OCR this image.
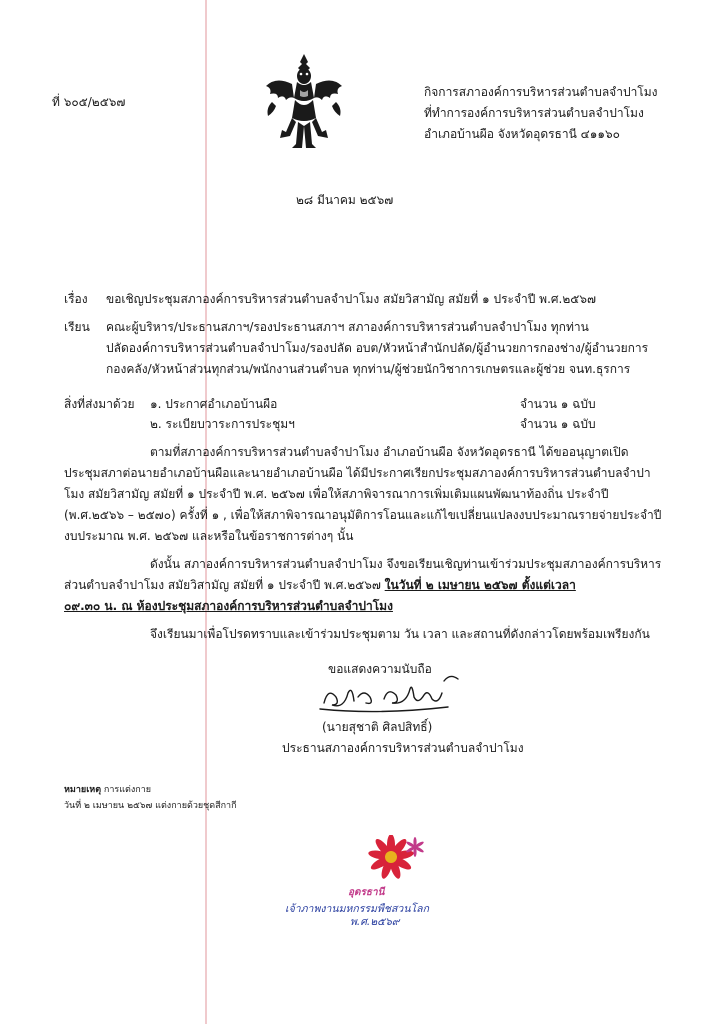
ที่ ๖๐๕/๒๕๖๗
กิจการสภาองค์การบริหารส่วนตำบลจำปาโมง
ที่ทำการองค์การบริหารส่วนตำบลจำปาโมง
อำเภอบ้านผือ จังหวัดอุดรธานี ๔๑๑๖๐
๒๘ มีนาคม ๒๕๖๗
เรื่อง ขอเชิญประชุมสภาองค์การบริหารส่วนตำบลจำปาโมง สมัยวิสามัญ สมัยที่ ๑ ประจำปี พ.ศ.๒๕๖๗
เรียน คณะผู้บริหาร/ประธานสภาฯ/รองประธานสภาฯ สภาองค์การบริหารส่วนตำบลจำปาโมง ทุกท่าน
ปลัดองค์การบริหารส่วนตำบลจำปาโมง/รองปลัด อบต/หัวหน้าสำนักปลัด/ผู้อำนวยการกองช่าง/ผู้อำนวยการ
กองคลัง/หัวหน้าส่วนทุกส่วน/พนักงานส่วนตำบล ทุกท่าน/ผู้ช่วยนักวิชาการเกษตรและผู้ช่วย จนท.ธุรการ
สิ่งที่ส่งมาด้วย ๑. ประกาศอำเภอบ้านผือ	จำนวน ๑ ฉบับ
๒. ระเบียบวาระการประชุมฯ	จำนวน ๑ ฉบับ
ตามที่สภาองค์การบริหารส่วนตำบลจำปาโมง อำเภอบ้านผือ จังหวัดอุดรธานี ได้ขออนุญาตเปิด
ประชุมสภาต่อนายอำเภอบ้านผือและนายอำเภอบ้านผือ ได้มีประกาศเรียกประชุมสภาองค์การบริหารส่วนตำบลจำปา
โมง สมัยวิสามัญ สมัยที่ ๑ ประจำปี พ.ศ. ๒๕๖๗ เพื่อให้สภาพิจารณาการเพิ่มเติมแผนพัฒนาท้องถิ่น ประจำปี
(พ.ศ.๒๕๖๖ – ๒๕๗๐) ครั้งที่ ๑ , เพื่อให้สภาพิจารณาอนุมัติการโอนและแก้ไขเปลี่ยนแปลงงบประมาณรายจ่ายประจำปี
งบประมาณ พ.ศ. ๒๕๖๗ และหรือในข้อราชการต่างๆ นั้น
ดังนั้น สภาองค์การบริหารส่วนตำบลจำปาโมง จึงขอเรียนเชิญท่านเข้าร่วมประชุมสภาองค์การบริหาร
ส่วนตำบลจำปาโมง สมัยวิสามัญ สมัยที่ ๑ ประจำปี พ.ศ.๒๕๖๗ ในวันที่ ๒ เมษายน ๒๕๖๗ ตั้งแต่เวลา
๐๙.๓๐ น. ณ ห้องประชุมสภาองค์การบริหารส่วนตำบลจำปาโมง
จึงเรียนมาเพื่อโปรดทราบและเข้าร่วมประชุมตาม วัน เวลา และสถานที่ดังกล่าวโดยพร้อมเพรียงกัน
ขอแสดงความนับถือ
(นายสุชาติ ศิลปสิทธิ์)
ประธานสภาองค์การบริหารส่วนตำบลจำปาโมง
หมายเหตุ การแต่งกาย
วันที่ ๒ เมษายน ๒๕๖๗ แต่งกายด้วยชุดสีกากี
อุดรธานี
เจ้าภาพงานมหกรรมพืชสวนโลก
พ.ศ.๒๕๖๙
